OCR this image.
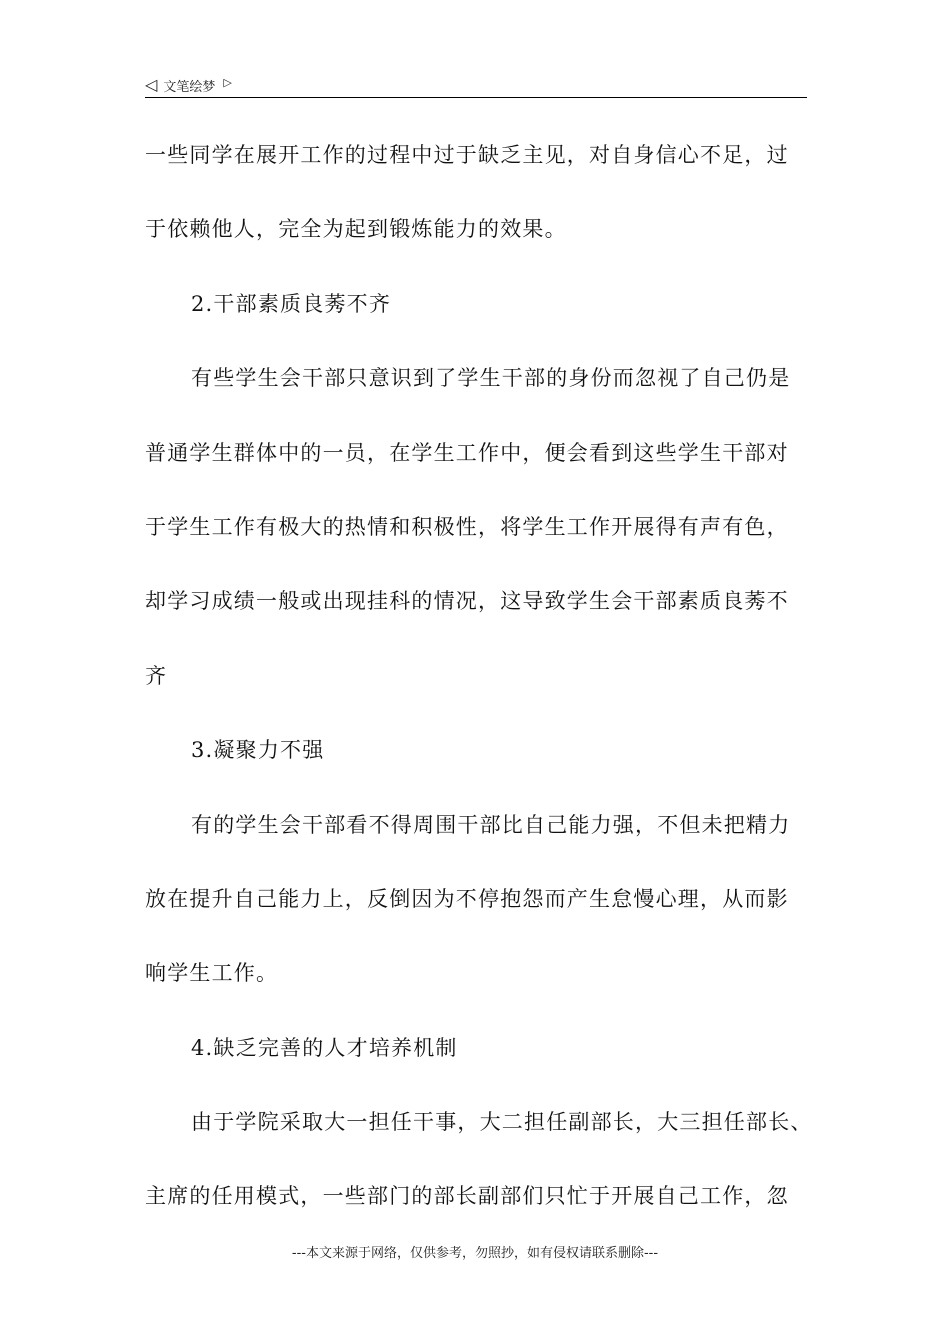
◁ 文笔绘梦 ▷
一些同学在展开工作的过程中过于缺乏主见，对自身信心不足，过
于依赖他人，完全为起到锻炼能力的效果。
2.干部素质良莠不齐
有些学生会干部只意识到了学生干部的身份而忽视了自己仍是
普通学生群体中的一员，在学生工作中，便会看到这些学生干部对
于学生工作有极大的热情和积极性，将学生工作开展得有声有色，
却学习成绩一般或出现挂科的情况，这导致学生会干部素质良莠不
齐
3.凝聚力不强
有的学生会干部看不得周围干部比自己能力强，不但未把精力
放在提升自己能力上，反倒因为不停抱怨而产生怠慢心理，从而影
响学生工作。
4.缺乏完善的人才培养机制
由于学院采取大一担任干事，大二担任副部长，大三担任部长、
主席的任用模式，一些部门的部长副部们只忙于开展自己工作，忽
---本文来源于网络，仅供参考，勿照抄，如有侵权请联系删除---
